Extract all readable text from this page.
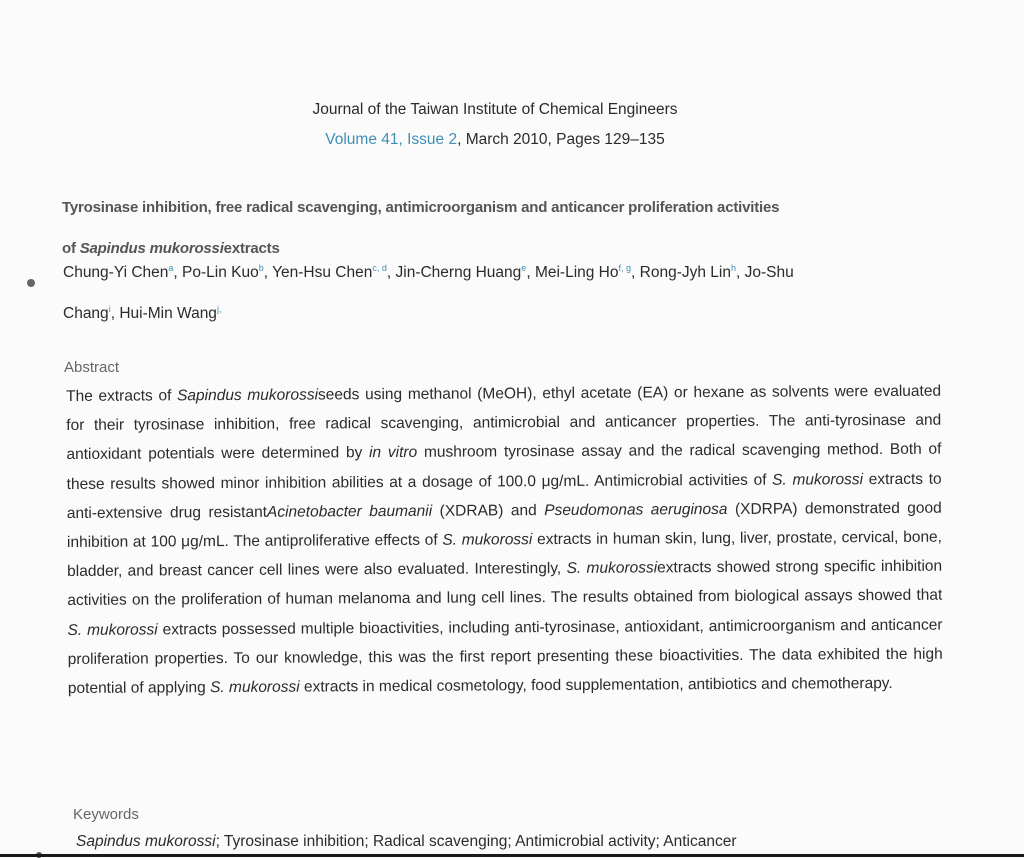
Journal of the Taiwan Institute of Chemical Engineers
Volume 41, Issue 2, March 2010, Pages 129–135
Tyrosinase inhibition, free radical scavenging, antimicroorganism and anticancer proliferation activities
of Sapindus mukorossiextracts
Chung-Yi Chen$^a$, Po-Lin Kuo$^b$, Yen-Hsu Chen$^{c, d}$, Jin-Cherng Huang$^e$, Mei-Ling Ho$^{f, g}$, Rong-Jyh Lin$^h$, Jo-Shu
Chang$^i$, Hui-Min Wang$^{j,}$
Abstract
The extracts of Sapindus mukorossiseeds using methanol (MeOH), ethyl acetate (EA) or hexane as solvents were evaluated for their tyrosinase inhibition, free radical scavenging, antimicrobial and anticancer properties. The anti-tyrosinase and antioxidant potentials were determined by in vitro mushroom tyrosinase assay and the radical scavenging method. Both of these results showed minor inhibition abilities at a dosage of 100.0 μg/mL. Antimicrobial activities of S. mukorossi extracts to anti-extensive drug resistantAcinetobacter baumanii (XDRAB) and Pseudomonas aeruginosa (XDRPA) demonstrated good inhibition at 100 μg/mL. The antiproliferative effects of S. mukorossi extracts in human skin, lung, liver, prostate, cervical, bone, bladder, and breast cancer cell lines were also evaluated. Interestingly, S. mukorossiextracts showed strong specific inhibition activities on the proliferation of human melanoma and lung cell lines. The results obtained from biological assays showed that S. mukorossi extracts possessed multiple bioactivities, including anti-tyrosinase, antioxidant, antimicroorganism and anticancer proliferation properties. To our knowledge, this was the first report presenting these bioactivities. The data exhibited the high potential of applying S. mukorossi extracts in medical cosmetology, food supplementation, antibiotics and chemotherapy.
Keywords
Sapindus mukorossi; Tyrosinase inhibition; Radical scavenging; Antimicrobial activity; Anticancer
